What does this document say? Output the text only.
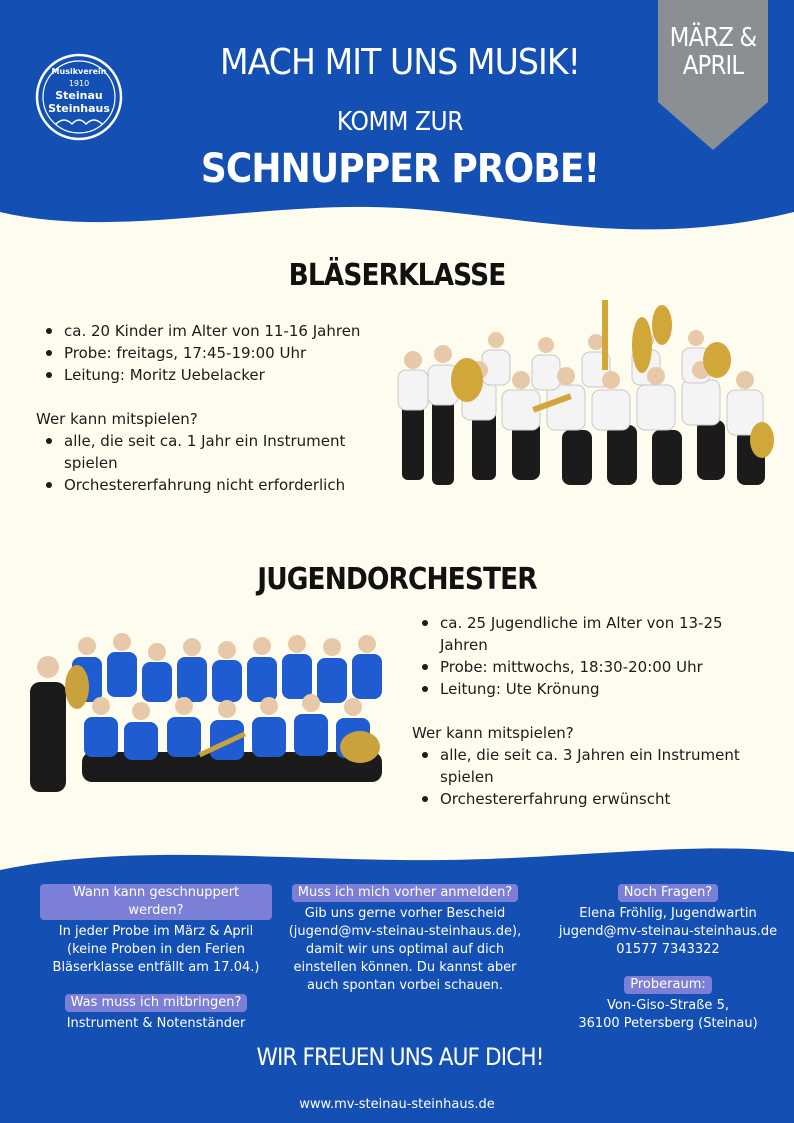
Musikverein
1910
Steinau
Steinhaus
MACH MIT UNS MUSIK!
KOMM ZUR
SCHNUPPER PROBE!
MÄRZ &
APRIL
BLÄSERKLASSE
ca. 20 Kinder im Alter von 11-16 Jahren
Probe: freitags, 17:45-19:00 Uhr
Leitung: Moritz Uebelacker
Wer kann mitspielen?
alle, die seit ca. 1 Jahr ein Instrument spielen
Orchestererfahrung nicht erforderlich
JUGENDORCHESTER
ca. 25 Jugendliche im Alter von 13-25 Jahren
Probe: mittwochs, 18:30-20:00 Uhr
Leitung: Ute Krönung
Wer kann mitspielen?
alle, die seit ca. 3 Jahren ein Instrument spielen
Orchestererfahrung erwünscht
Wann kann geschnuppert werden?
In jeder Probe im März & April (keine Proben in den Ferien Bläserklasse entfällt am 17.04.)
Was muss ich mitbringen?
Instrument & Notenständer
Muss ich mich vorher anmelden?
Gib uns gerne vorher Bescheid (jugend@mv-steinau-steinhaus.de), damit wir uns optimal auf dich einstellen können. Du kannst aber auch spontan vorbei schauen.
Noch Fragen?
Elena Fröhlig, Jugendwartin
jugend@mv-steinau-steinhaus.de
01577 7343322
Proberaum:
Von-Giso-Straße 5,
36100 Petersberg (Steinau)
WIR FREUEN UNS AUF DICH!
www.mv-steinau-steinhaus.de
